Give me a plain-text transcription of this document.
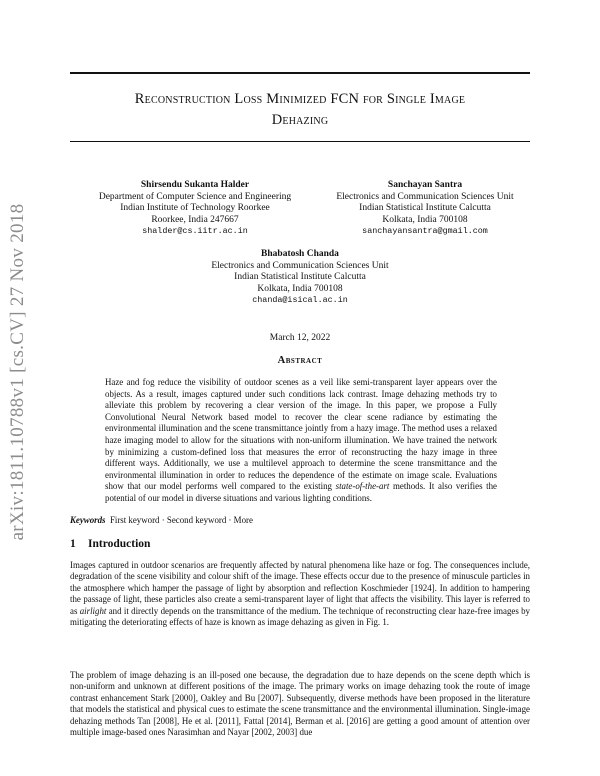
arXiv:1811.10788v1 [cs.CV] 27 Nov 2018
Reconstruction Loss Minimized FCN for Single Image
Dehazing
Shirsendu Sukanta Halder
Department of Computer Science and Engineering
Indian Institute of Technology Roorkee
Roorkee, India 247667
shalder@cs.iitr.ac.in
Sanchayan Santra
Electronics and Communication Sciences Unit
Indian Statistical Institute Calcutta
Kolkata, India 700108
sanchayansantra@gmail.com
Bhabatosh Chanda
Electronics and Communication Sciences Unit
Indian Statistical Institute Calcutta
Kolkata, India 700108
chanda@isical.ac.in
March 12, 2022
Abstract
Haze and fog reduce the visibility of outdoor scenes as a veil like semi-transparent layer appears over the objects. As a result, images captured under such conditions lack contrast. Image dehazing methods try to alleviate this problem by recovering a clear version of the image. In this paper, we propose a Fully Convolutional Neural Network based model to recover the clear scene radiance by estimating the environmental illumination and the scene transmittance jointly from a hazy image. The method uses a relaxed haze imaging model to allow for the situations with non-uniform illumination. We have trained the network by minimizing a custom-defined loss that measures the error of reconstructing the hazy image in three different ways. Additionally, we use a multilevel approach to determine the scene transmittance and the environmental illumination in order to reduces the dependence of the estimate on image scale. Evaluations show that our model performs well compared to the existing state-of-the-art methods. It also verifies the potential of our model in diverse situations and various lighting conditions.
Keywords First keyword · Second keyword · More
1 Introduction
Images captured in outdoor scenarios are frequently affected by natural phenomena like haze or fog. The consequences include, degradation of the scene visibility and colour shift of the image. These effects occur due to the presence of minuscule particles in the atmosphere which hamper the passage of light by absorption and reflection Koschmieder [1924]. In addition to hampering the passage of light, these particles also create a semi-transparent layer of light that affects the visibility. This layer is referred to as airlight and it directly depends on the transmittance of the medium. The technique of reconstructing clear haze-free images by mitigating the deteriorating effects of haze is known as image dehazing as given in Fig. 1.
The problem of image dehazing is an ill-posed one because, the degradation due to haze depends on the scene depth which is non-uniform and unknown at different positions of the image. The primary works on image dehazing took the route of image contrast enhancement Stark [2000], Oakley and Bu [2007]. Subsequently, diverse methods have been proposed in the literature that models the statistical and physical cues to estimate the scene transmittance and the environmental illumination. Single-image dehazing methods Tan [2008], He et al. [2011], Fattal [2014], Berman et al. [2016] are getting a good amount of attention over multiple image-based ones Narasimhan and Nayar [2002, 2003] due
